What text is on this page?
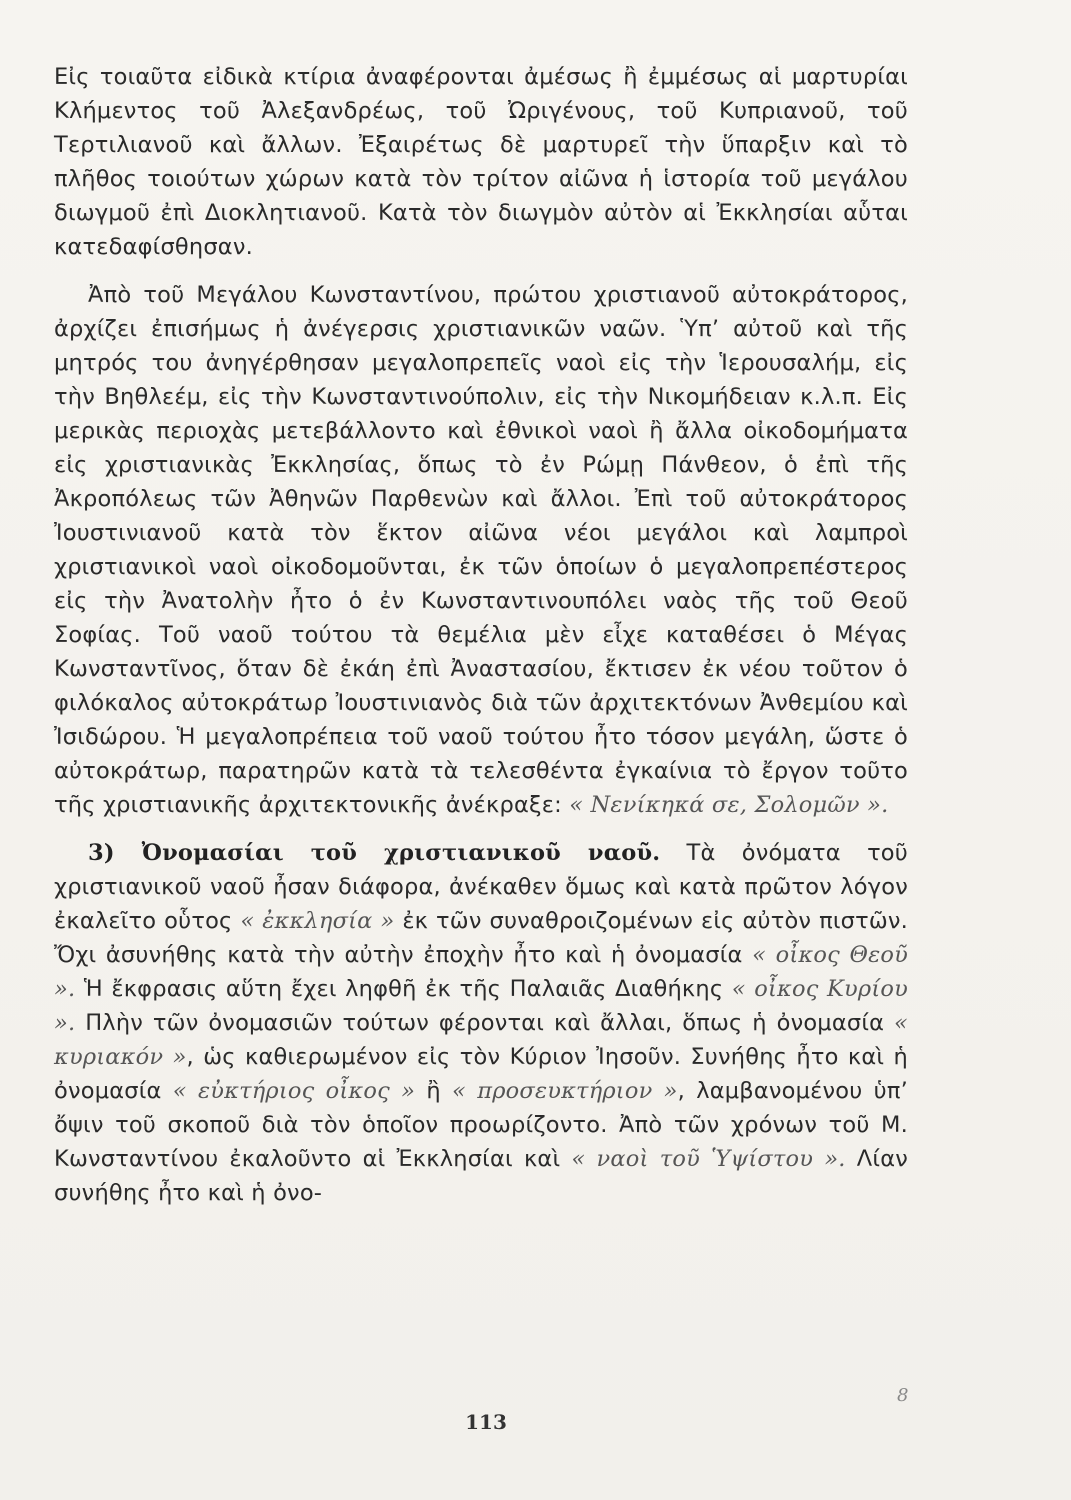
Εἰς τοιαῦτα εἰδικὰ κτίρια ἀναφέρονται ἀμέσως ἢ ἐμμέσως αἱ μαρτυρίαι Κλήμεντος τοῦ Ἀλεξανδρέως, τοῦ Ὠριγένους, τοῦ Κυπριανοῦ, τοῦ Τερτιλιανοῦ καὶ ἄλλων. Ἐξαιρέτως δὲ μαρτυρεῖ τὴν ὕπαρξιν καὶ τὸ πλῆθος τοιούτων χώρων κατὰ τὸν τρίτον αἰῶνα ἡ ἱστορία τοῦ μεγάλου διωγμοῦ ἐπὶ Διοκλητιανοῦ. Κατὰ τὸν διωγμὸν αὐτὸν αἱ Ἐκκλησίαι αὗται κατεδαφίσθησαν.

Ἀπὸ τοῦ Μεγάλου Κωνσταντίνου, πρώτου χριστιανοῦ αὐτοκράτορος, ἀρχίζει ἐπισήμως ἡ ἀνέγερσις χριστιανικῶν ναῶν. Ὑπ’ αὐτοῦ καὶ τῆς μητρός του ἀνηγέρθησαν μεγαλοπρεπεῖς ναοὶ εἰς τὴν Ἱερουσαλήμ, εἰς τὴν Βηθλεέμ, εἰς τὴν Κωνσταντινούπολιν, εἰς τὴν Νικομήδειαν κ.λ.π. Εἰς μερικὰς περιοχὰς μετεβάλλοντο καὶ ἐθνικοὶ ναοὶ ἢ ἄλλα οἰκοδομήματα εἰς χριστιανικὰς Ἐκκλησίας, ὅπως τὸ ἐν Ρώμῃ Πάνθεον, ὁ ἐπὶ τῆς Ἀκροπόλεως τῶν Ἀθηνῶν Παρθενὼν καὶ ἄλλοι. Ἐπὶ τοῦ αὐτοκράτορος Ἰουστινιανοῦ κατὰ τὸν ἕκτον αἰῶνα νέοι μεγάλοι καὶ λαμπροὶ χριστιανικοὶ ναοὶ οἰκοδομοῦνται, ἐκ τῶν ὁποίων ὁ μεγαλοπρεπέστερος εἰς τὴν Ἀνατολὴν ἦτο ὁ ἐν Κωνσταντινουπόλει ναὸς τῆς τοῦ Θεοῦ Σοφίας. Τοῦ ναοῦ τούτου τὰ θεμέλια μὲν εἶχε καταθέσει ὁ Μέγας Κωνσταντῖνος, ὅταν δὲ ἐκάη ἐπὶ Ἀναστασίου, ἔκτισεν ἐκ νέου τοῦτον ὁ φιλόκαλος αὐτοκράτωρ Ἰουστινιανὸς διὰ τῶν ἀρχιτεκτόνων Ἀνθεμίου καὶ Ἰσιδώρου. Ἡ μεγαλοπρέπεια τοῦ ναοῦ τούτου ἦτο τόσον μεγάλη, ὥστε ὁ αὐτοκράτωρ, παρατηρῶν κατὰ τὰ τελεσθέντα ἐγκαίνια τὸ ἔργον τοῦτο τῆς χριστιανικῆς ἀρχιτεκτονικῆς ἀνέκραξε: « Νενίκηκά σε, Σολομῶν ».

3) Ὀνομασίαι τοῦ χριστιανικοῦ ναοῦ. Τὰ ὀνόματα τοῦ χριστιανικοῦ ναοῦ ἦσαν διάφορα, ἀνέκαθεν ὅμως καὶ κατὰ πρῶτον λόγον ἐκαλεῖτο οὗτος « ἐκκλησία » ἐκ τῶν συναθροιζομένων εἰς αὐτὸν πιστῶν. Ὄχι ἀσυνήθης κατὰ τὴν αὐτὴν ἐποχὴν ἦτο καὶ ἡ ὀνομασία « οἶκος Θεοῦ ». Ἡ ἔκφρασις αὕτη ἔχει ληφθῆ ἐκ τῆς Παλαιᾶς Διαθήκης « οἶκος Κυρίου ». Πλὴν τῶν ὀνομασιῶν τούτων φέρονται καὶ ἄλλαι, ὅπως ἡ ὀνομασία « κυριακόν », ὡς καθιερωμένον εἰς τὸν Κύριον Ἰησοῦν. Συνήθης ἦτο καὶ ἡ ὀνομασία « εὐκτήριος οἶκος » ἢ « προσευκτήριον », λαμβανομένου ὑπ’ ὄψιν τοῦ σκοποῦ διὰ τὸν ὁποῖον προωρίζοντο. Ἀπὸ τῶν χρόνων τοῦ Μ. Κωνσταντίνου ἐκαλοῦντο αἱ Ἐκκλησίαι καὶ « ναοὶ τοῦ Ὑψίστου ». Λίαν συνήθης ἦτο καὶ ἡ ὀνο-

113
8
